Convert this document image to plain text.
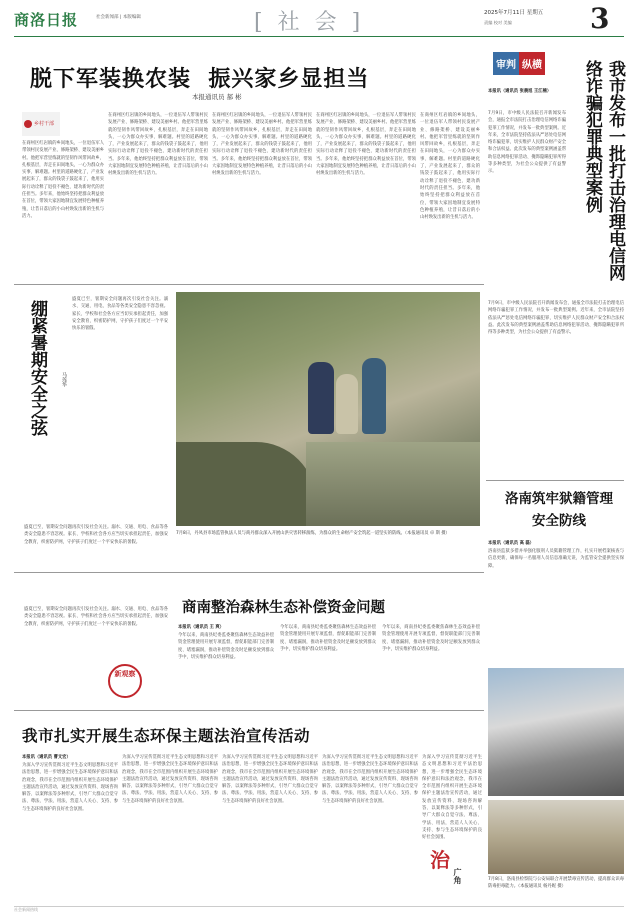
商洛日报	社会新闻部 | 本版编辑	[ 社 会 ]	2025年7月11日 星期五
责编 校对 美编	3
脱下军装换农装  振兴家乡显担当
本报通讯员 郝 彬
$^{乡村干部}$
在商州区红岩镇的乡间地头，一位退伍军人带领村民发展产业、修路架桥、建设美丽乡村。他把军营里练就的坚韧作风带回故乡，扎根基层，奔走在田间地头，一心为群众办实事、解难题。村里的道路硬化了，产业发展起来了，群众的钱袋子鼓起来了，他用实际行动诠释了退役不褪色、建功新时代的责任担当。多年来，他始终坚持把群众利益放在首位，带领大家因地制宜发展特色种植养殖，让昔日落后的小山村焕发出新的生机与活力。
在商州区红岩镇的乡间地头，一位退伍军人带领村民发展产业、修路架桥、建设美丽乡村。他把军营里练就的坚韧作风带回故乡，扎根基层，奔走在田间地头，一心为群众办实事、解难题。村里的道路硬化了，产业发展起来了，群众的钱袋子鼓起来了，他用实际行动诠释了退役不褪色、建功新时代的责任担当。多年来，他始终坚持把群众利益放在首位，带领大家因地制宜发展特色种植养殖，让昔日落后的小山村焕发出新的生机与活力。
在商州区红岩镇的乡间地头，一位退伍军人带领村民发展产业、修路架桥、建设美丽乡村。他把军营里练就的坚韧作风带回故乡，扎根基层，奔走在田间地头，一心为群众办实事、解难题。村里的道路硬化了，产业发展起来了，群众的钱袋子鼓起来了，他用实际行动诠释了退役不褪色、建功新时代的责任担当。多年来，他始终坚持把群众利益放在首位，带领大家因地制宜发展特色种植养殖，让昔日落后的小山村焕发出新的生机与活力。
在商州区红岩镇的乡间地头，一位退伍军人带领村民发展产业、修路架桥、建设美丽乡村。他把军营里练就的坚韧作风带回故乡，扎根基层，奔走在田间地头，一心为群众办实事、解难题。村里的道路硬化了，产业发展起来了，群众的钱袋子鼓起来了，他用实际行动诠释了退役不褪色、建功新时代的责任担当。多年来，他始终坚持把群众利益放在首位，带领大家因地制宜发展特色种植养殖，让昔日落后的小山村焕发出新的生机与活力。
在商州区红岩镇的乡间地头，一位退伍军人带领村民发展产业、修路架桥、建设美丽乡村。他把军营里练就的坚韧作风带回故乡，扎根基层，奔走在田间地头，一心为群众办实事、解难题。村里的道路硬化了，产业发展起来了，群众的钱袋子鼓起来了，他用实际行动诠释了退役不褪色、建功新时代的责任担当。多年来，他始终坚持把群众利益放在首位，带领大家因地制宜发展特色种植养殖，让昔日落后的小山村焕发出新的生机与活力。
审判 纵横	我市发布一批打击治理电信网络诈骗犯罪典型案例
本报讯（通讯员 张晨旭 王江楠）
7月9日，市中级人民法院召开新闻发布会，通报全市法院打击治理电信网络诈骗犯罪工作情况，并发布一批典型案例。近年来，全市法院坚持依法从严惩处电信网络诈骗犯罪，切实维护人民群众财产安全和合法权益。此次发布的典型案例涵盖帮助信息网络犯罪活动、掩饰隐瞒犯罪所得等多种类型，为社会公众提供了有益警示。
7月9日，市中级人民法院召开新闻发布会，通报全市法院打击治理电信网络诈骗犯罪工作情况，并发布一批典型案例。近年来，全市法院坚持依法从严惩处电信网络诈骗犯罪，切实维护人民群众财产安全和合法权益。此次发布的典型案例涵盖帮助信息网络犯罪活动、掩饰隐瞒犯罪所得等多种类型，为社会公众提供了有益警示。
绷紧暑期安全之弦	马莲华
盛夏已至，暑期安全问题再次引发社会关注。溺水、交通、用电、食品等各类安全隐患不容忽视。家长、学校和社会各方应当切实承担起责任，加强安全教育，织密防护网，守护孩子们度过一个平安快乐的暑假。
盛夏已至，暑期安全问题再次引发社会关注。溺水、交通、用电、食品等各类安全隐患不容忽视。家长、学校和社会各方应当切实承担起责任，加强安全教育，织密防护网，守护孩子们度过一个平安快乐的暑假。
盛夏已至，暑期安全问题再次引发社会关注。溺水、交通、用电、食品等各类安全隐患不容忽视。家长、学校和社会各方应当切实承担起责任，加强安全教育，织密防护网，守护孩子们度过一个平安快乐的暑假。
7月8日，丹凤县市场监管执法人员与商丹群众深入开展山洪灾害转移演练，为群众的生命财产安全筑起一道坚实的防线。（本报通讯员 卓 斯 摄）
洛南筑牢狱籍管理安全防线
本报讯（通讯员 高 磊）
洛南县监狱多措并举强化服刑人员狱籍管理工作，扎实开展档案核查与信息更新，确保每一名服刑人员信息准确无误，为监管安全提供坚实保障。
商南整治森林生态补偿资金问题
新观察
本报讯（通讯员 王 爽）
今年以来，商南县纪委监委聚焦森林生态效益补偿资金管理使用开展专项监督，督促职能部门完善制度、堵塞漏洞，推动补偿资金及时足额发放到群众手中，切实维护群众切身利益。
今年以来，商南县纪委监委聚焦森林生态效益补偿资金管理使用开展专项监督，督促职能部门完善制度、堵塞漏洞，推动补偿资金及时足额发放到群众手中，切实维护群众切身利益。
今年以来，商南县纪委监委聚焦森林生态效益补偿资金管理使用开展专项监督，督促职能部门完善制度、堵塞漏洞，推动补偿资金及时足额发放到群众手中，切实维护群众切身利益。
我市扎实开展生态环保主题法治宣传活动
本报讯（通讯员 曹文宏）
为深入学习宣传贯彻习近平生态文明思想和习近平法治思想，进一步增强全民生态环境保护意识和法治观念，我市在全市范围内组织开展生态环境保护主题法治宣传活动，通过发放宣传资料、现场咨询解答、以案释法等多种形式，引导广大群众自觉守法、尊法、学法、用法，营造人人关心、支持、参与生态环境保护的良好社会氛围。
为深入学习宣传贯彻习近平生态文明思想和习近平法治思想，进一步增强全民生态环境保护意识和法治观念，我市在全市范围内组织开展生态环境保护主题法治宣传活动，通过发放宣传资料、现场咨询解答、以案释法等多种形式，引导广大群众自觉守法、尊法、学法、用法，营造人人关心、支持、参与生态环境保护的良好社会氛围。
为深入学习宣传贯彻习近平生态文明思想和习近平法治思想，进一步增强全民生态环境保护意识和法治观念，我市在全市范围内组织开展生态环境保护主题法治宣传活动，通过发放宣传资料、现场咨询解答、以案释法等多种形式，引导广大群众自觉守法、尊法、学法、用法，营造人人关心、支持、参与生态环境保护的良好社会氛围。
为深入学习宣传贯彻习近平生态文明思想和习近平法治思想，进一步增强全民生态环境保护意识和法治观念，我市在全市范围内组织开展生态环境保护主题法治宣传活动，通过发放宣传资料、现场咨询解答、以案释法等多种形式，引导广大群众自觉守法、尊法、学法、用法，营造人人关心、支持、参与生态环境保护的良好社会氛围。
为深入学习宣传贯彻习近平生态文明思想和习近平法治思想，进一步增强全民生态环境保护意识和法治观念，我市在全市范围内组织开展生态环境保护主题法治宣传活动，通过发放宣传资料、现场咨询解答、以案释法等多种形式，引导广大群众自觉守法、尊法、学法、用法，营造人人关心、支持、参与生态环境保护的良好社会氛围。
治
广角	7月8日，洛南县检察院与公安局联合开展禁毒宣传活动，提高群众识毒防毒拒毒能力。（本报通讯员 杨丹妮 摄）
社会新闻热线
